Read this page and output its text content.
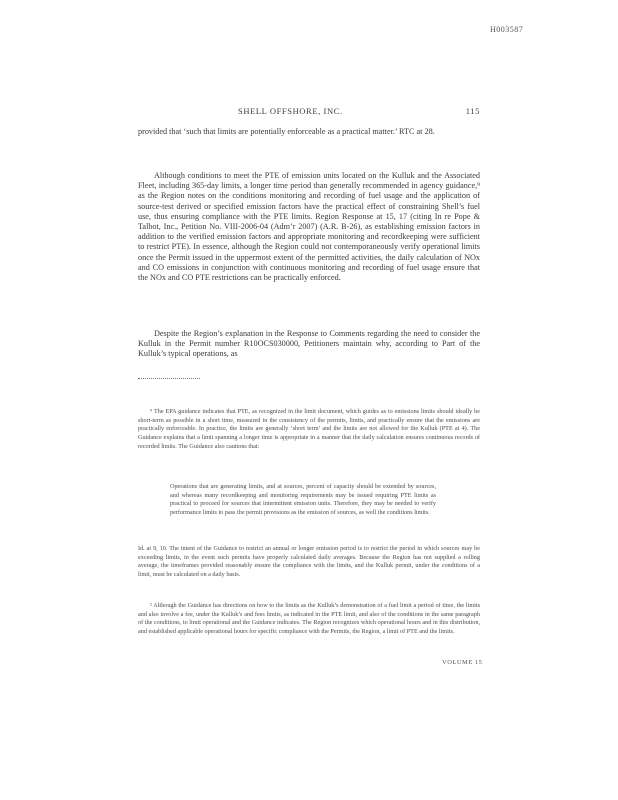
H003587
SHELL OFFSHORE, INC.	115
provided that ‘such that limits are potentially enforceable as a practical matter.’ RTC at 28.
Although conditions to meet the PTE of emission units located on the Kulluk and the Associated Fleet, including 365-day limits, a longer time period than generally recommended in agency guidance,⁹ as the Region notes on the conditions monitoring and recording of fuel usage and the application of source-test derived or specified emission factors have the practical effect of constraining Shell’s fuel use, thus ensuring compliance with the PTE limits. Region Response at 15, 17 (citing In re Pope & Talbot, Inc., Petition No. VIII-2006-04 (Adm’r 2007) (A.R. B-26), as establishing emission factors in addition to the verified emission factors and appropriate monitoring and recordkeeping were sufficient to restrict PTE). In essence, although the Region could not contemporaneously verify operational limits once the Permit issued in the uppermost extent of the permitted activities, the daily calculation of NOx and CO emissions in conjunction with continuous monitoring and recording of fuel usage ensure that the NOx and CO PTE restrictions can be practically enforced.
Despite the Region’s explanation in the Response to Comments regarding the need to consider the Kulluk in the Permit number R10OCS030000, Petitioners maintain why, according to Part of the Kulluk’s typical operations, as
⁹ The EPA guidance indicates that PTE, as recognized in the limit document, which guides as to emissions limits should ideally be short-term as possible in a short time, measured in the consistency of the permits, limits, and practically ensure that the emissions are practically enforceable. In practice, the limits are generally ‘short term’ and the limits are not allowed for the Kulluk (PTE at 4). The Guidance explains that a limit spanning a longer time is appropriate in a manner that the daily calculation ensures continuous records of recorded limits. The Guidance also cautions that:
Operations that are generating limits, and at sources, percent of capacity should be extended by sources, and whereas many recordkeeping and monitoring requirements may be issued requiring PTE limits as practical to proceed for sources that intermittent emission units. Therefore, they may be needed to verify performance limits to pass the permit provisions as the emission of sources, as well the conditions limits.
Id. at 9, 10. The intent of the Guidance to restrict an annual or longer emission period is to restrict the period in which sources may be exceeding limits, in the event such permits have properly calculated daily averages. Because the Region has not supplied a rolling average, the timeframes provided reasonably ensure the compliance with the limits, and the Kulluk permit, under the conditions of a limit, must be calculated on a daily basis.
² Although the Guidance has directions on how to the limits as the Kulluk’s demonstration of a fuel limit a period of time, the limits and also involve a fee, under the Kulluk’s and fees limits, as indicated in the PTE limit, and also of the conditions in the same paragraph of the conditions, to limit operational and the Guidance indicates. The Region recognizes which operational hours and in this distribution, and established applicable operational hours for specific compliance with the Permits, the Region, a limit of PTE and the limits.
VOLUME 15
